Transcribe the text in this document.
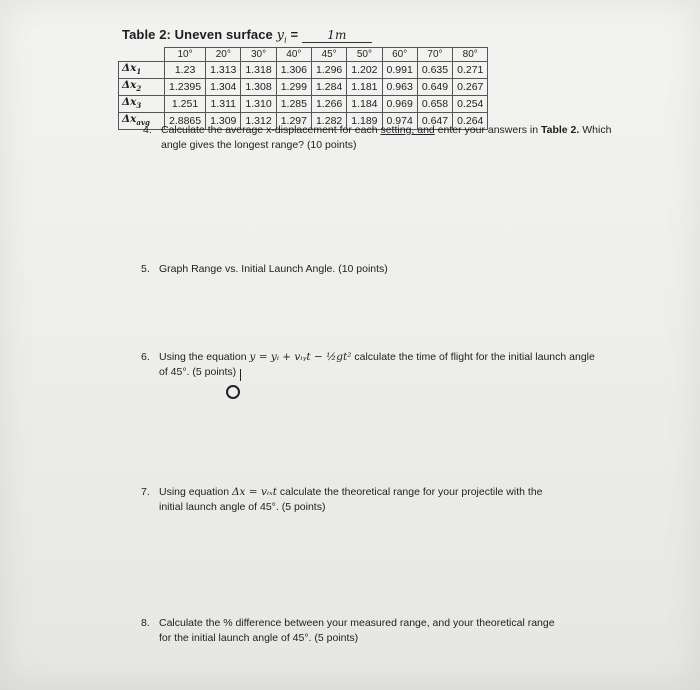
Table 2: Uneven surface $y_i = 1m$
	10°	20°	30°	40°	45°	50°	60°	70°	80°
$\Delta x_1$	1.23	1.313	1.318	1.306	1.296	1.202	0.991	0.635	0.271
$\Delta x_2$	1.2395	1.304	1.308	1.299	1.284	1.181	0.963	0.649	0.267
$\Delta x_3$	1.251	1.311	1.310	1.285	1.266	1.184	0.969	0.658	0.254
$\Delta x_{avg}$	2.8865	1.309	1.312	1.297	1.282	1.189	0.974	0.647	0.264
4. Calculate the average x-displacement for each setting, and enter your answers in Table 2. Which
angle gives the longest range? (10 points)
5. Graph Range vs. Initial Launch Angle. (10 points)
6. Using the equation y = yᵢ + vᵢᵧt − ½gt² calculate the time of flight for the initial launch angle
of 45°. (5 points)
7. Using equation Δx = vᵢₓt calculate the theoretical range for your projectile with the
initial launch angle of 45°. (5 points)
8. Calculate the % difference between your measured range, and your theoretical range
for the initial launch angle of 45°. (5 points)
